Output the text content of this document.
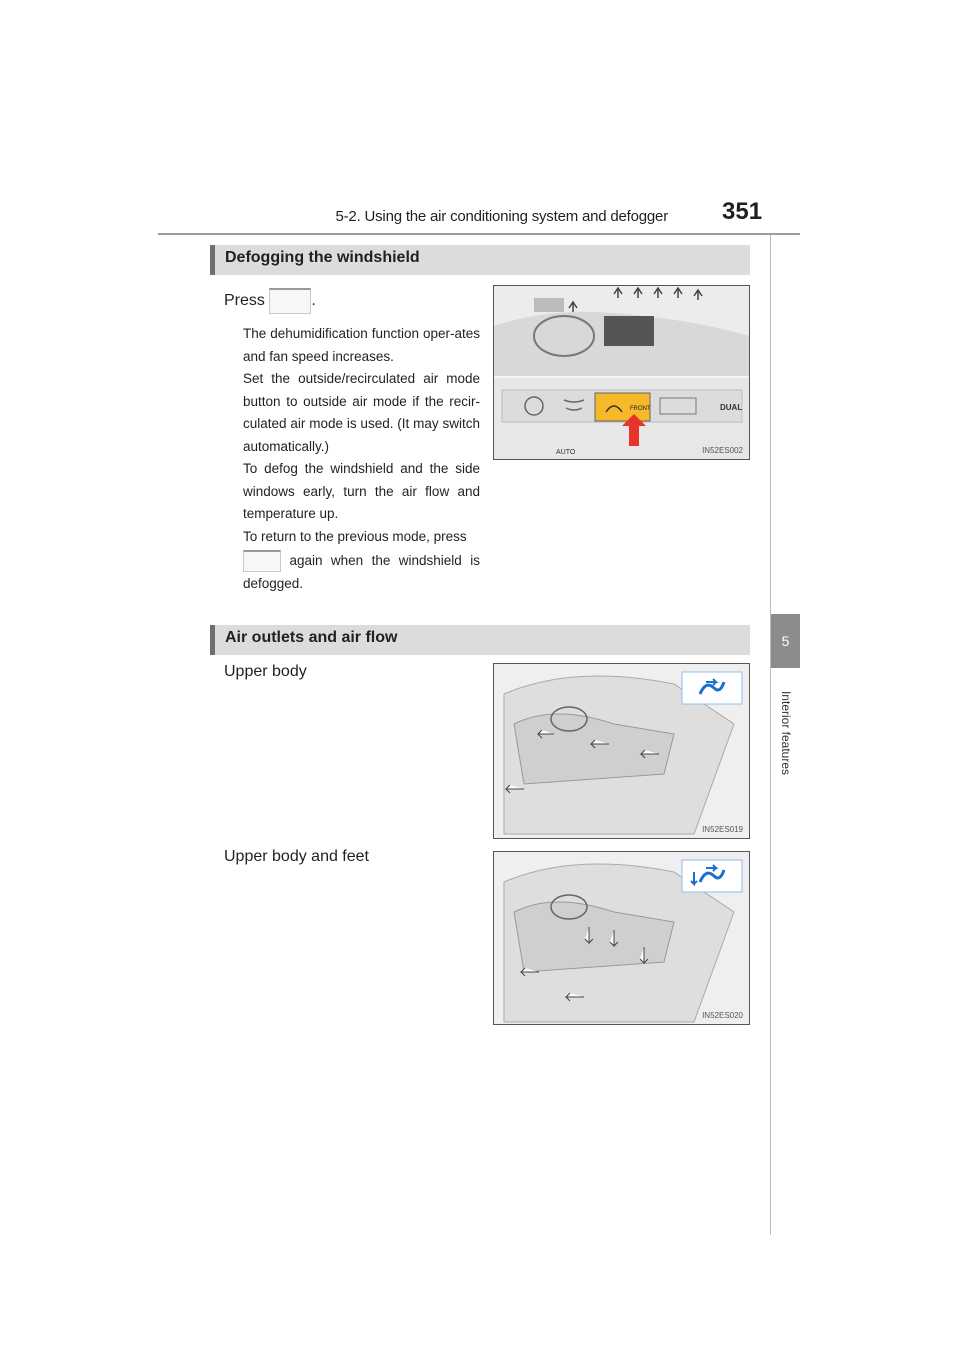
5-2. Using the air conditioning system and defogger 351
5
Interior features
Defogging the windshield
Press	.
The dehumidification function oper-ates and fan speed increases.
Set the outside/recirculated air mode button to outside air mode if the recir-culated air mode is used. (It may switch automatically.)
To defog the windshield and the side windows early, turn the air flow and temperature up.
To return to the previous mode, press
again when the windshield is defogged.
FRONT	DUAL
AUTO	IN52ES002
Air outlets and air flow
Upper body
Upper body and feet
IN52ES019
IN52ES020
